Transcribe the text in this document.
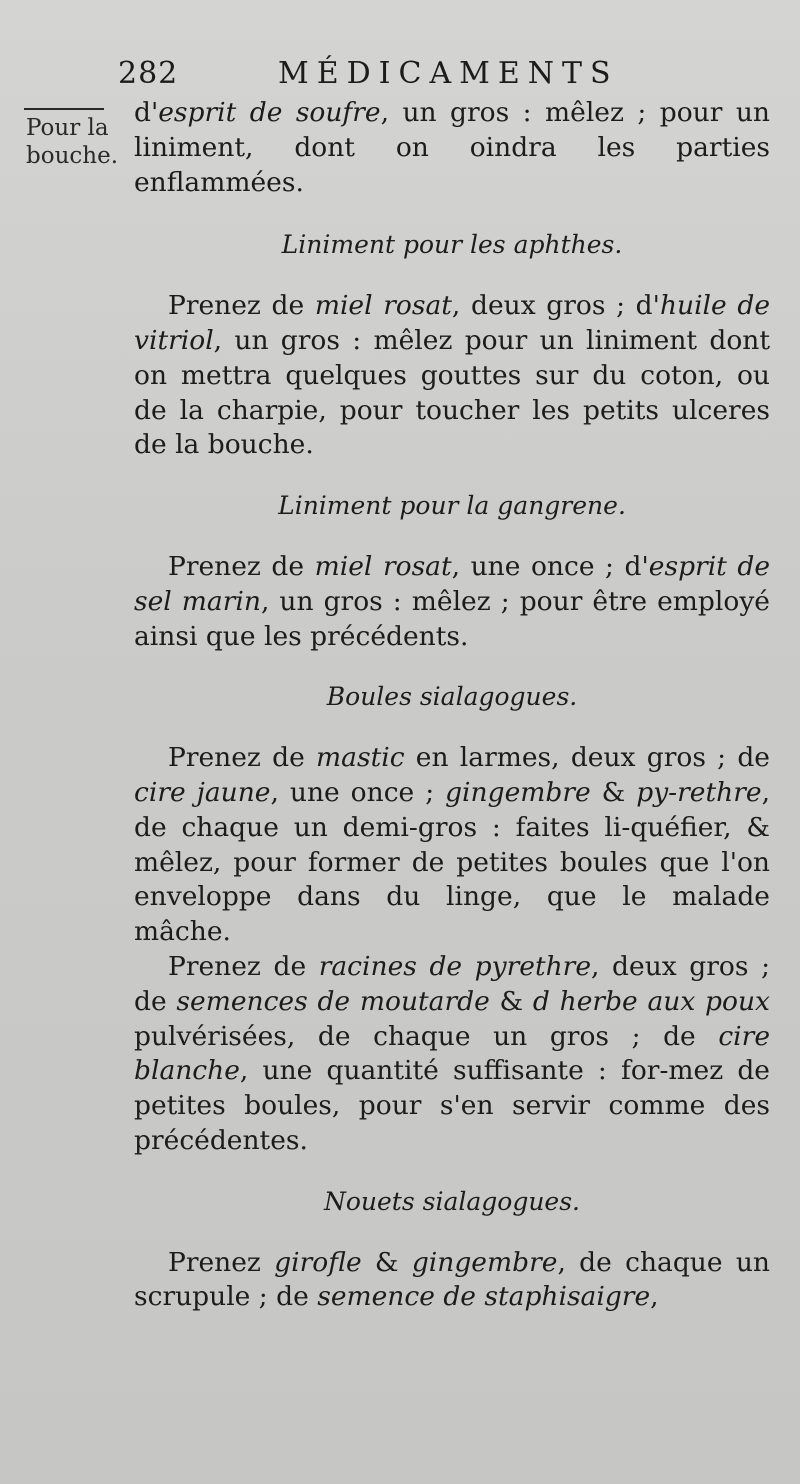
282	MÉDICAMENTS
Pour la
bouche.

d'esprit de soufre, un gros : mêlez ; pour un liniment, dont on oindra les parties enflammées.

Liniment pour les aphthes.

Prenez de miel rosat, deux gros ; d'huile de vitriol, un gros : mêlez pour un liniment dont on mettra quelques gouttes sur du coton, ou de la charpie, pour toucher les petits ulceres de la bouche.

Liniment pour la gangrene.

Prenez de miel rosat, une once ; d'esprit de sel marin, un gros : mêlez ; pour être employé ainsi que les précédents.

Boules sialagogues.

Prenez de mastic en larmes, deux gros ; de cire jaune, une once ; gingembre & py-rethre, de chaque un demi-gros : faites li-quéfier, & mêlez, pour former de petites boules que l'on enveloppe dans du linge, que le malade mâche.

Prenez de racines de pyrethre, deux gros ; de semences de moutarde & d herbe aux poux pulvérisées, de chaque un gros ; de cire blanche, une quantité suffisante : for-mez de petites boules, pour s'en servir comme des précédentes.

Nouets sialagogues.

Prenez girofle & gingembre, de chaque un scrupule ; de semence de staphisaigre,
